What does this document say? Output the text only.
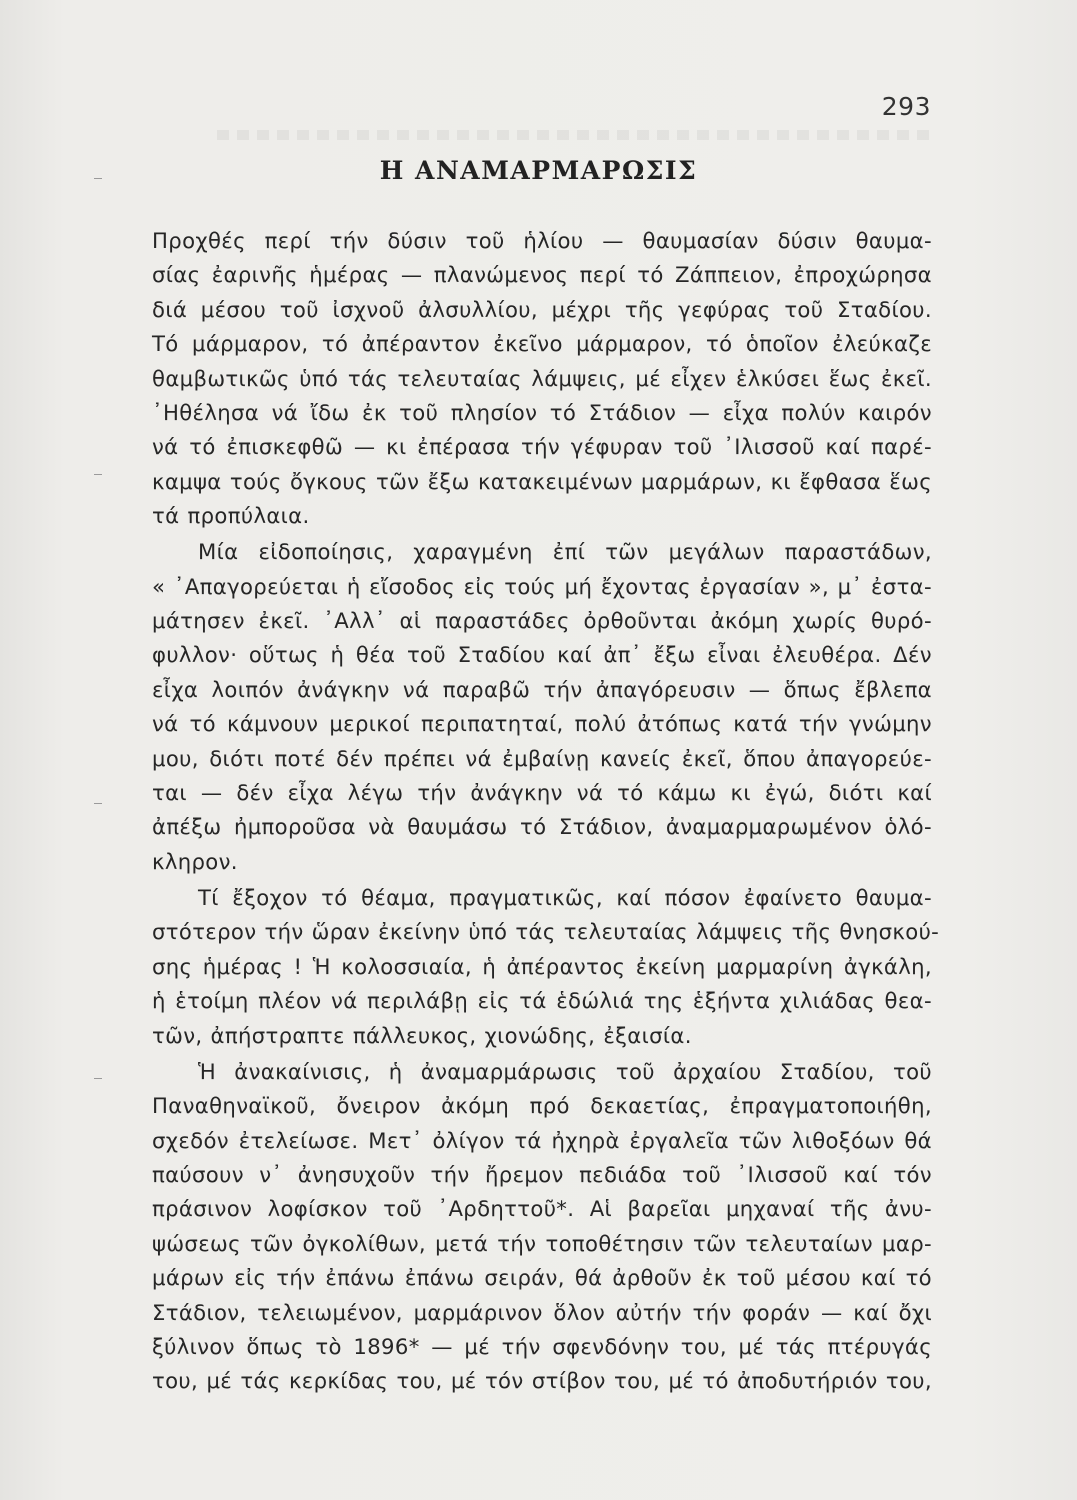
293
Η ΑΝΑΜΑΡΜΑΡΩΣΙΣ
Προχθές περί τήν δύσιν τοῦ ἡλίου — θαυμασίαν δύσιν θαυμα-
σίας ἐαρινῆς ἡμέρας — πλανώμενος περί τό Ζάππειον, ἐπροχώρησα
διά μέσου τοῦ ἰσχνοῦ ἀλσυλλίου, μέχρι τῆς γεφύρας τοῦ Σταδίου.
Τό μάρμαρον, τό ἀπέραντον ἐκεῖνο μάρμαρον, τό ὁποῖον ἐλεύκαζε
θαμβωτικῶς ὑπό τάς τελευταίας λάμψεις, μέ εἶχεν ἑλκύσει ἕως ἐκεῖ.
᾿Ηθέλησα νά ἴδω ἐκ τοῦ πλησίον τό Στάδιον — εἶχα πολύν καιρόν
νά τό ἐπισκεφθῶ — κι ἐπέρασα τήν γέφυραν τοῦ ᾿Ιλισσοῦ καί παρέ-
καμψα τούς ὄγκους τῶν ἔξω κατακειμένων μαρμάρων, κι ἔφθασα ἕως
τά προπύλαια.
Μία εἰδοποίησις, χαραγμένη ἐπί τῶν μεγάλων παραστάδων,
« ᾿Απαγορεύεται ἡ εἴσοδος εἰς τούς μή ἔχοντας ἐργασίαν », μ᾿ ἐστα-
μάτησεν ἐκεῖ. ᾿Αλλ᾿ αἱ παραστάδες ὀρθοῦνται ἀκόμη χωρίς θυρό-
φυλλον· οὕτως ἡ θέα τοῦ Σταδίου καί ἀπ᾿ ἔξω εἶναι ἐλευθέρα. Δέν
εἶχα λοιπόν ἀνάγκην νά παραβῶ τήν ἀπαγόρευσιν — ὅπως ἔβλεπα
νά τό κάμνουν μερικοί περιπατηταί, πολύ ἀτόπως κατά τήν γνώμην
μου, διότι ποτέ δέν πρέπει νά ἐμβαίνῃ κανείς ἐκεῖ, ὅπου ἀπαγορεύε-
ται — δέν εἶχα λέγω τήν ἀνάγκην νά τό κάμω κι ἐγώ, διότι καί
ἀπέξω ἠμποροῦσα νὰ θαυμάσω τό Στάδιον, ἀναμαρμαρωμένον ὁλό-
κληρον.
Τί ἔξοχον τό θέαμα, πραγματικῶς, καί πόσον ἐφαίνετο θαυμα-
στότερον τήν ὥραν ἐκείνην ὑπό τάς τελευταίας λάμψεις τῆς θνησκού-
σης ἡμέρας ! Ἡ κολοσσιαία, ἡ ἀπέραντος ἐκείνη μαρμαρίνη ἀγκάλη,
ἡ ἑτοίμη πλέον νά περιλάβῃ εἰς τά ἑδώλιά της ἑξήντα χιλιάδας θεα-
τῶν, ἀπήστραπτε πάλλευκος, χιονώδης, ἐξαισία.
Ἡ ἀνακαίνισις, ἡ ἀναμαρμάρωσις τοῦ ἀρχαίου Σταδίου, τοῦ
Παναθηναϊκοῦ, ὄνειρον ἀκόμη πρό δεκαετίας, ἐπραγματοποιήθη,
σχεδόν ἐτελείωσε. Μετ᾿ ὀλίγον τά ἠχηρὰ ἐργαλεῖα τῶν λιθοξόων θά
παύσουν ν᾿ ἀνησυχοῦν τήν ἤρεμον πεδιάδα τοῦ ᾿Ιλισσοῦ καί τόν
πράσινον λοφίσκον τοῦ ᾿Αρδηττοῦ*. Αἱ βαρεῖαι μηχαναί τῆς ἀνυ-
ψώσεως τῶν ὀγκολίθων, μετά τήν τοποθέτησιν τῶν τελευταίων μαρ-
μάρων εἰς τήν ἐπάνω ἐπάνω σειράν, θά ἀρθοῦν ἐκ τοῦ μέσου καί τό
Στάδιον, τελειωμένον, μαρμάρινον ὅλον αὐτήν τήν φοράν — καί ὄχι
ξύλινον ὅπως τὸ 1896* — μέ τήν σφενδόνην του, μέ τάς πτέρυγάς
του, μέ τάς κερκίδας του, μέ τόν στίβον του, μέ τό ἀποδυτήριόν του,
